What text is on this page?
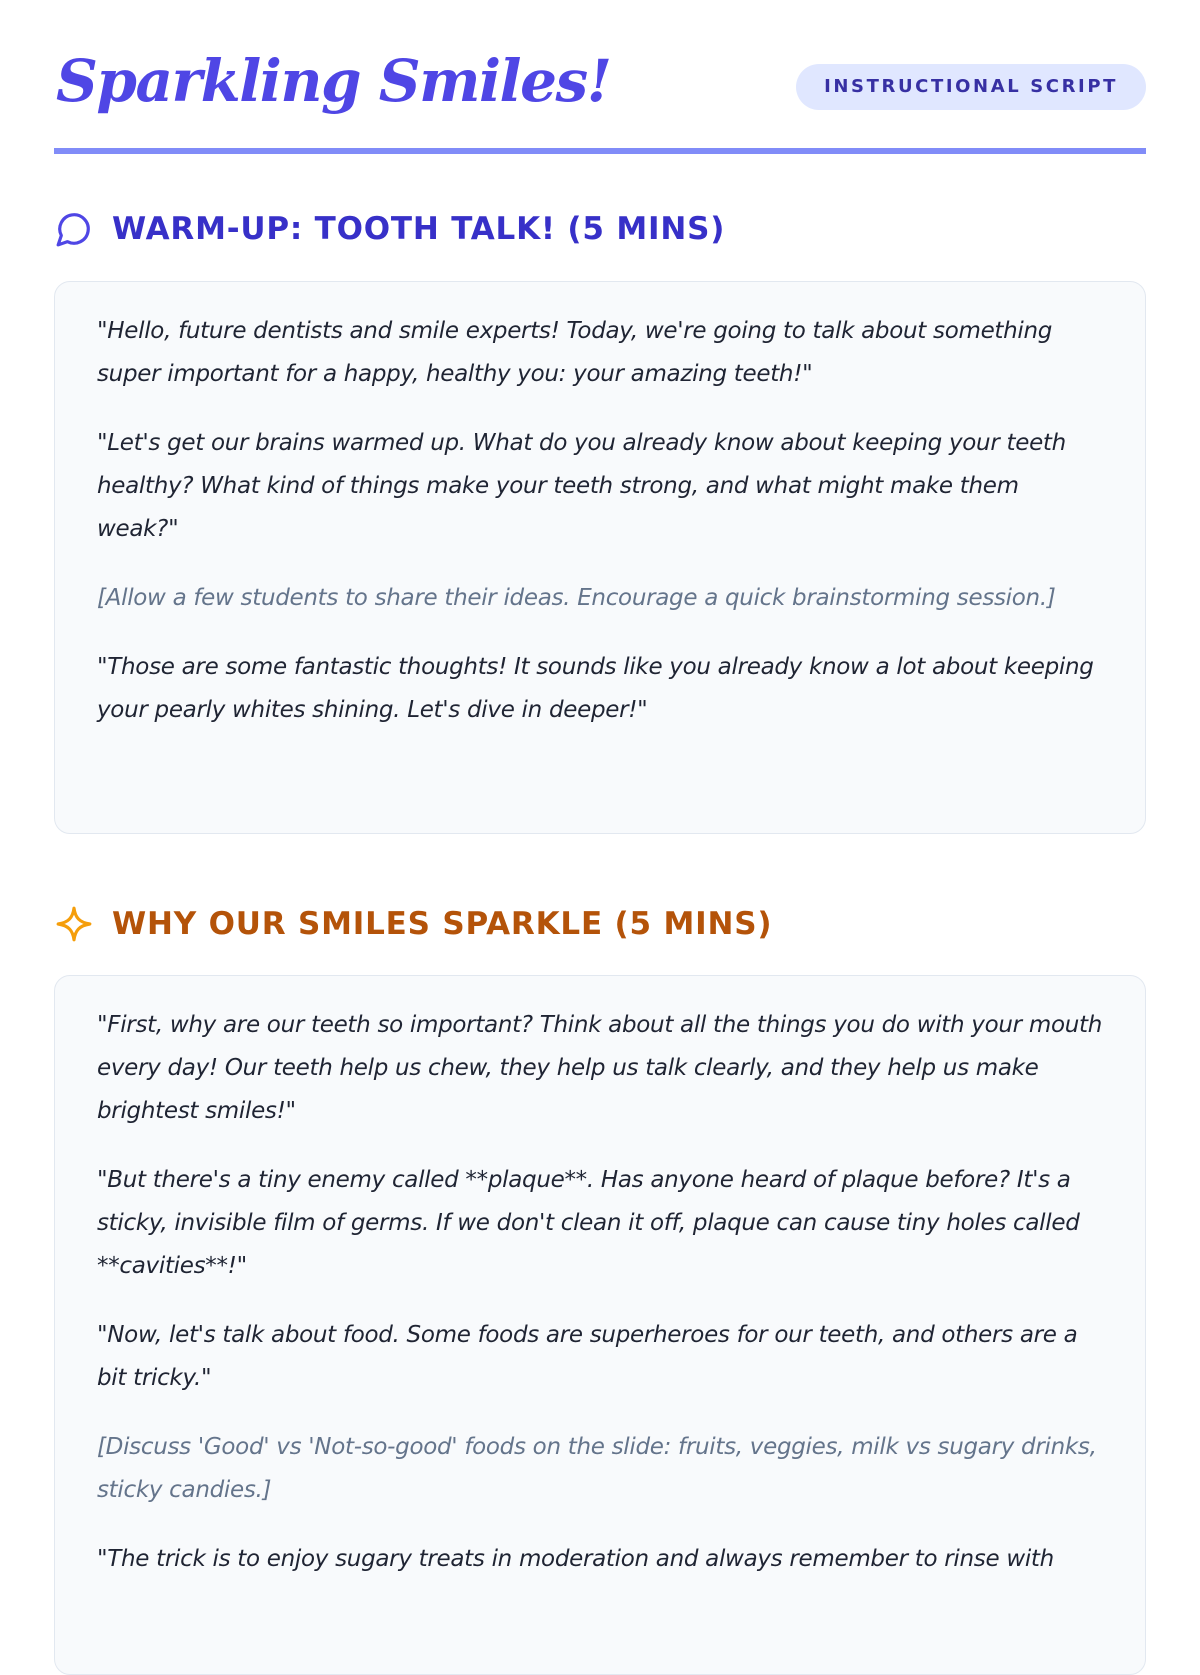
Sparkling Smiles!	INSTRUCTIONAL SCRIPT
WARM-UP: TOOTH TALK! (5 MINS)

"Hello, future dentists and smile experts! Today, we're going to talk about something super important for a happy, healthy you: your amazing teeth!"

"Let's get our brains warmed up. What do you already know about keeping your teeth healthy? What kind of things make your teeth strong, and what might make them weak?"

[Allow a few students to share their ideas. Encourage a quick brainstorming session.]

"Those are some fantastic thoughts! It sounds like you already know a lot about keeping your pearly whites shining. Let's dive in deeper!"

WHY OUR SMILES SPARKLE (5 MINS)

"First, why are our teeth so important? Think about all the things you do with your mouth every day! Our teeth help us chew, they help us talk clearly, and they help us make brightest smiles!"

"But there's a tiny enemy called **plaque**. Has anyone heard of plaque before? It's a sticky, invisible film of germs. If we don't clean it off, plaque can cause tiny holes called **cavities**!"

"Now, let's talk about food. Some foods are superheroes for our teeth, and others are a bit tricky."

[Discuss 'Good' vs 'Not-so-good' foods on the slide: fruits, veggies, milk vs sugary drinks, sticky candies.]

"The trick is to enjoy sugary treats in moderation and always remember to rinse with
